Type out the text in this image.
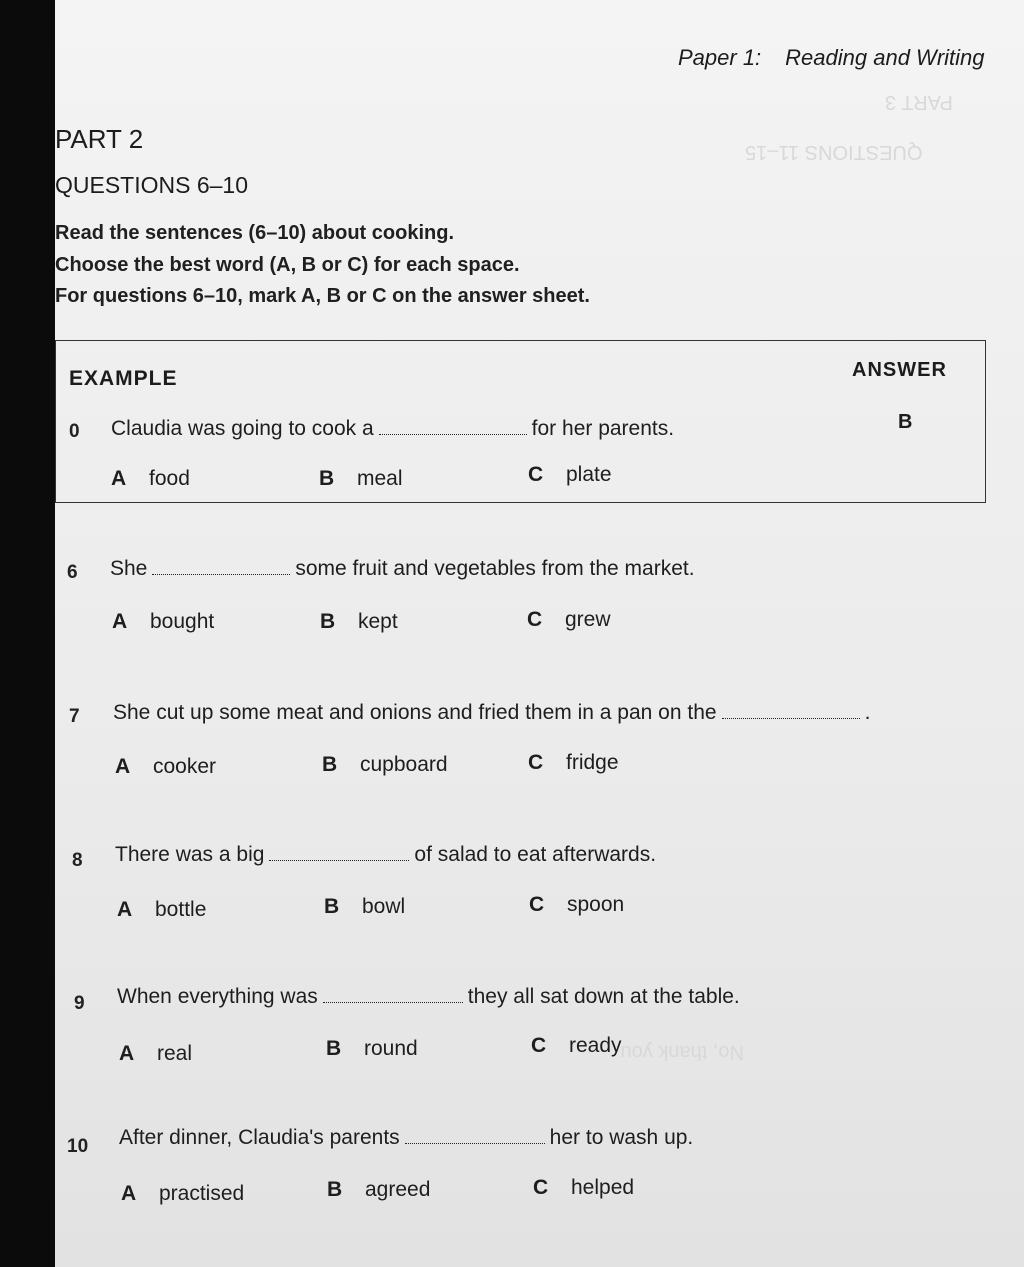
PART 3
QUESTIONS 11–15
No, thank you.
Paper 1: Reading and Writing
PART 2
QUESTIONS 6–10
Read the sentences (6–10) about cooking.
Choose the best word (A, B or C) for each space.
For questions 6–10, mark A, B or C on the answer sheet.
EXAMPLE	ANSWER
0 Claudia was going to cook a	for her parents.	B
A food	B meal	C plate
6 She	some fruit and vegetables from the market.
A bought	B kept	C grew
7 She cut up some meat and onions and fried them in a pan on the	.
A cooker	B cupboard	C fridge
8 There was a big	of salad to eat afterwards.
A bottle	B bowl	C spoon
9 When everything was	they all sat down at the table.
A real	B round	C ready
10 After dinner, Claudia's parents	her to wash up.
A practised	B agreed	C helped
